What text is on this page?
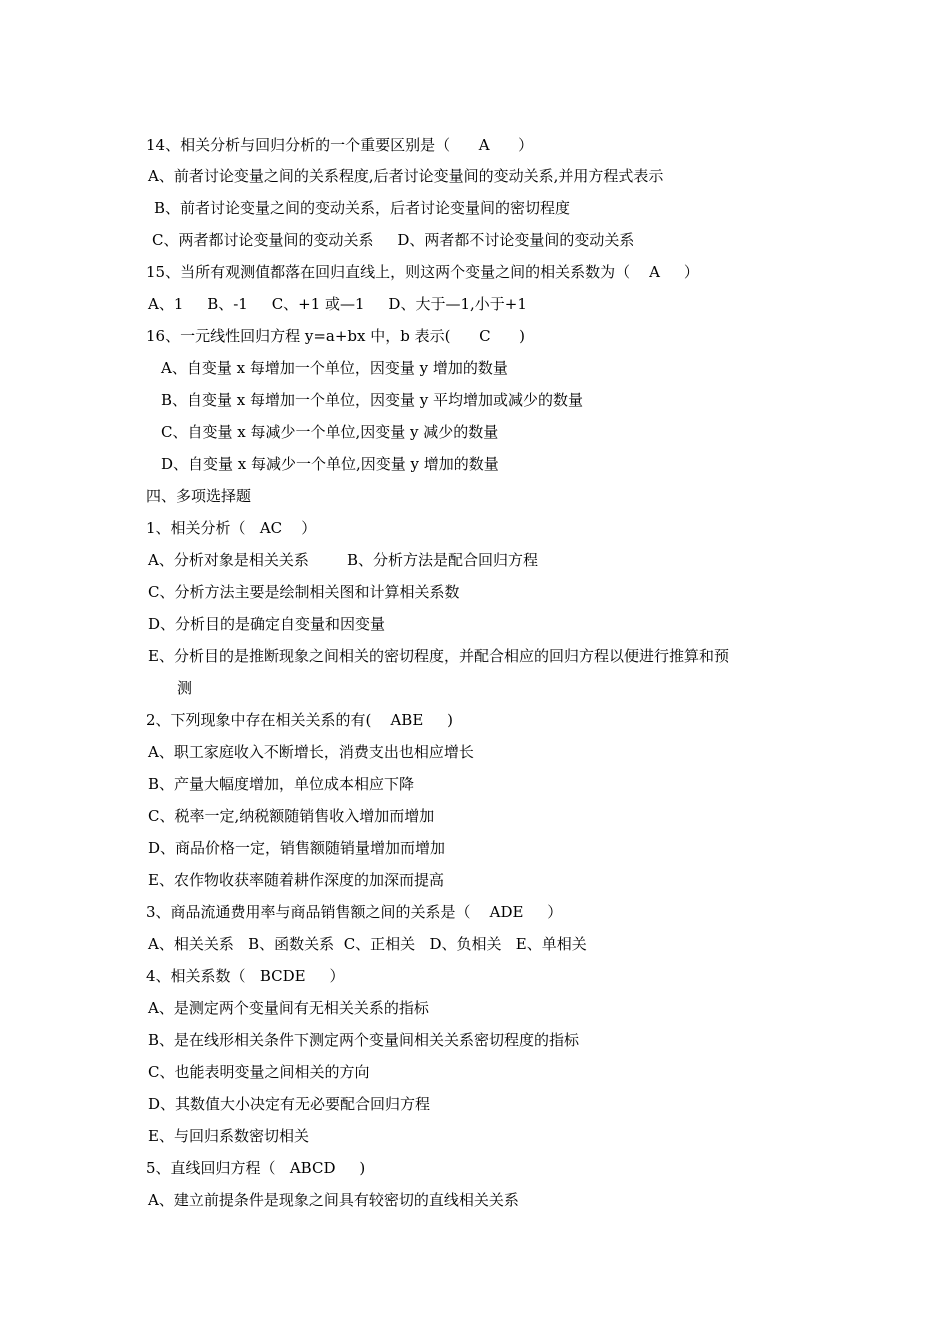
14、相关分析与回归分析的一个重要区别是（      A      ）
A、前者讨论变量之间的关系程度,后者讨论变量间的变动关系,并用方程式表示
B、前者讨论变量之间的变动关系，后者讨论变量间的密切程度
C、两者都讨论变量间的变动关系     D、两者都不讨论变量间的变动关系
15、当所有观测值都落在回归直线上，则这两个变量之间的相关系数为（    A     ）
A、1     B、-1     C、+1 或—1     D、大于—1,小于+1
16、一元线性回归方程 y=a+bx 中，b 表示(      C      )
A、自变量 x 每增加一个单位，因变量 y 增加的数量
B、自变量 x 每增加一个单位，因变量 y 平均增加或减少的数量
C、自变量 x 每减少一个单位,因变量 y 减少的数量
D、自变量 x 每减少一个单位,因变量 y 增加的数量
四、多项选择题
1、相关分析（   AC    ）
A、分析对象是相关关系        B、分析方法是配合回归方程
C、分析方法主要是绘制相关图和计算相关系数
D、分析目的是确定自变量和因变量
E、分析目的是推断现象之间相关的密切程度，并配合相应的回归方程以便进行推算和预
测
2、下列现象中存在相关关系的有(    ABE     )
A、职工家庭收入不断增长，消费支出也相应增长
B、产量大幅度增加，单位成本相应下降
C、税率一定,纳税额随销售收入增加而增加
D、商品价格一定，销售额随销量增加而增加
E、农作物收获率随着耕作深度的加深而提高
3、商品流通费用率与商品销售额之间的关系是（    ADE     ）
A、相关关系   B、函数关系  C、正相关   D、负相关   E、单相关
4、相关系数（   BCDE     ）
A、是测定两个变量间有无相关关系的指标
B、是在线形相关条件下测定两个变量间相关关系密切程度的指标
C、也能表明变量之间相关的方向
D、其数值大小决定有无必要配合回归方程
E、与回归系数密切相关
5、直线回归方程（   ABCD     )
A、建立前提条件是现象之间具有较密切的直线相关关系
